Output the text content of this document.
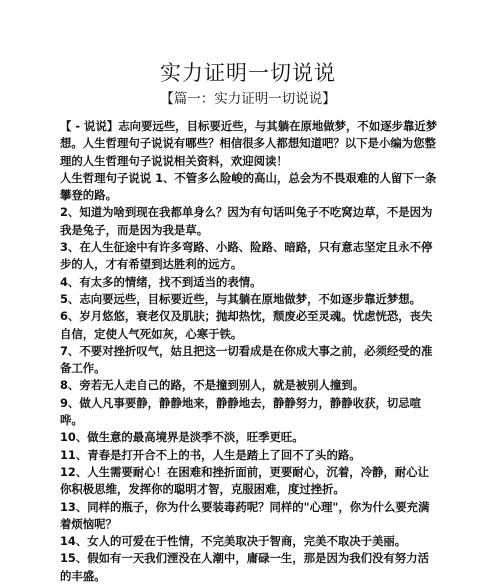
实力证明一切说说
【篇一：实力证明一切说说】

【 - 说说】志向要远些，目标要近些，与其躺在原地做梦，不如逐步靠近梦想。人生哲理句子说说有哪些？相信很多人都想知道吧？以下是小编为您整理的人生哲理句子说说相关资料，欢迎阅读！

人生哲理句子说说 1、不管多么险峻的高山，总会为不畏艰难的人留下一条攀登的路。

2、知道为啥到现在我都单身么？因为有句话叫兔子不吃窝边草，不是因为我是兔子，而是因为我是草。

3、在人生征途中有许多弯路、小路、险路、暗路，只有意志坚定且永不停步的人，才有希望到达胜利的远方。

4、有太多的情绪，找不到适当的表情。

5、志向要远些，目标要近些，与其躺在原地做梦，不如逐步靠近梦想。

6、岁月悠悠，衰老仅及肌肤；抛却热忱，颓废必至灵魂。忧虑恍恐，丧失自信，定使人气死如灰，心寒于铁。

7、不要对挫折叹气，姑且把这一切看成是在你成大事之前，必须经受的准备工作。

8、旁若无人走自己的路，不是撞到别人，就是被别人撞到。

9、做人凡事要静，静静地来，静静地去，静静努力，静静收获，切忌喧哗。

10、做生意的最高境界是淡季不淡，旺季更旺。

11、青春是打开合不上的书，人生是踏上了回不了头的路。

12、人生需要耐心！在困难和挫折面前，更要耐心，沉着，冷静，耐心让你积极思维，发挥你的聪明才智，克服困难，度过挫折。

13、同样的瓶子，你为什么要装毒药呢？同样的"心理"，你为什么要充满着烦恼呢？

14、女人的可爱在于性情，不完美取决于智商，完美不取决于美丽。

15、假如有一天我们湮没在人潮中，庸碌一生，那是因为我们没有努力活的丰盛。
